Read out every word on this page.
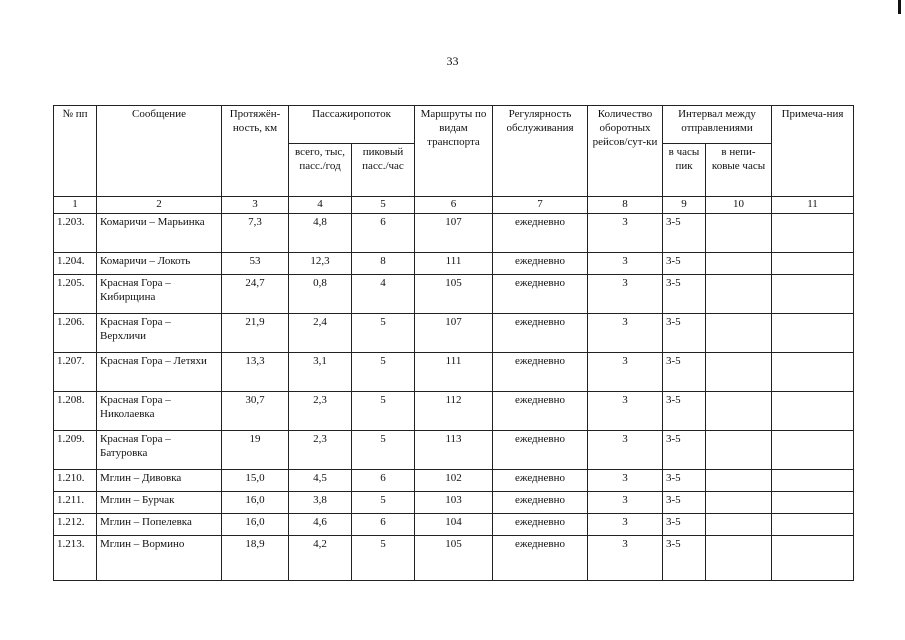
33
№ пп	Сообщение	Протяжён-ность, км	Пассажиропоток		Маршруты по видам транспорта	Регулярность обслуживания	Количество оборотных рейсов/сут-ки	Интервал между отправлениями		Примеча-ния
			всего, тыс, пасс./год	пиковый пасс./час				в часы пик	в непи-ковые часы	
1	2	3	4	5	6	7	8	9	10	11
1.203.	Комаричи – Марьинка	7,3	4,8	6	107	ежедневно	3	3-5		
1.204.	Комаричи – Локоть	53	12,3	8	111	ежедневно	3	3-5		
1.205.	Красная Гора – Кибирщина	24,7	0,8	4	105	ежедневно	3	3-5		
1.206.	Красная Гора – Верхличи	21,9	2,4	5	107	ежедневно	3	3-5		
1.207.	Красная Гора – Летяхи	13,3	3,1	5	111	ежедневно	3	3-5		
1.208.	Красная Гора – Николаевка	30,7	2,3	5	112	ежедневно	3	3-5		
1.209.	Красная Гора – Батуровка	19	2,3	5	113	ежедневно	3	3-5		
1.210.	Мглин – Дивовка	15,0	4,5	6	102	ежедневно	3	3-5		
1.211.	Мглин – Бурчак	16,0	3,8	5	103	ежедневно	3	3-5		
1.212.	Мглин – Попелевка	16,0	4,6	6	104	ежедневно	3	3-5		
1.213.	Мглин – Вормино	18,9	4,2	5	105	ежедневно	3	3-5		
